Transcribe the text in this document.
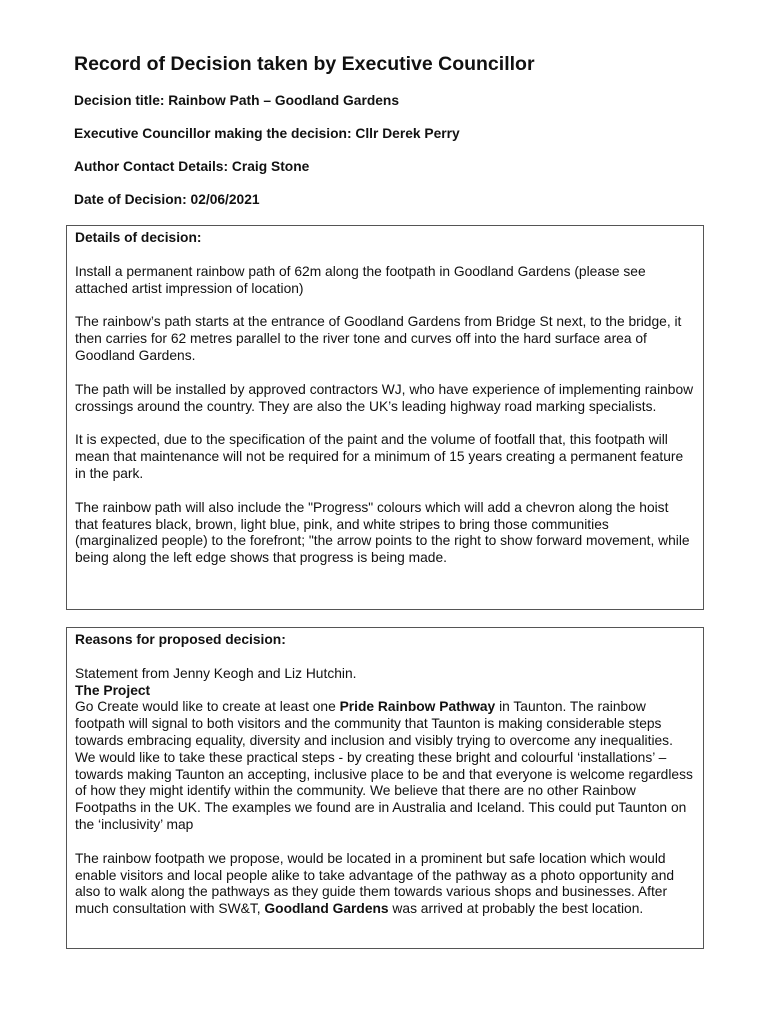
Record of Decision taken by Executive Councillor

Decision title: Rainbow Path – Goodland Gardens

Executive Councillor making the decision: Cllr Derek Perry

Author Contact Details: Craig Stone

Date of Decision: 02/06/2021

Details of decision:

Install a permanent rainbow path of 62m along the footpath in Goodland Gardens (please see attached artist impression of location)

The rainbow’s path starts at the entrance of Goodland Gardens from Bridge St next, to the bridge, it then carries for 62 metres parallel to the river tone and curves off into the hard surface area of Goodland Gardens.

The path will be installed by approved contractors WJ, who have experience of implementing rainbow crossings around the country. They are also the UK’s leading highway road marking specialists.

It is expected, due to the specification of the paint and the volume of footfall that, this footpath will mean that maintenance will not be required for a minimum of 15 years creating a permanent feature in the park.

The rainbow path will also include the "Progress" colours which will add a chevron along the hoist that features black, brown, light blue, pink, and white stripes to bring those communities (marginalized people) to the forefront; "the arrow points to the right to show forward movement, while being along the left edge shows that progress is being made.

Reasons for proposed decision:

Statement from Jenny Keogh and Liz Hutchin.

The Project

Go Create would like to create at least one Pride Rainbow Pathway in Taunton. The rainbow footpath will signal to both visitors and the community that Taunton is making considerable steps towards embracing equality, diversity and inclusion and visibly trying to overcome any inequalities. We would like to take these practical steps - by creating these bright and colourful ‘installations’ – towards making Taunton an accepting, inclusive place to be and that everyone is welcome regardless of how they might identify within the community. We believe that there are no other Rainbow Footpaths in the UK. The examples we found are in Australia and Iceland. This could put Taunton on the ‘inclusivity’ map

The rainbow footpath we propose, would be located in a prominent but safe location which would enable visitors and local people alike to take advantage of the pathway as a photo opportunity and also to walk along the pathways as they guide them towards various shops and businesses. After much consultation with SW&T, Goodland Gardens was arrived at probably the best location.
